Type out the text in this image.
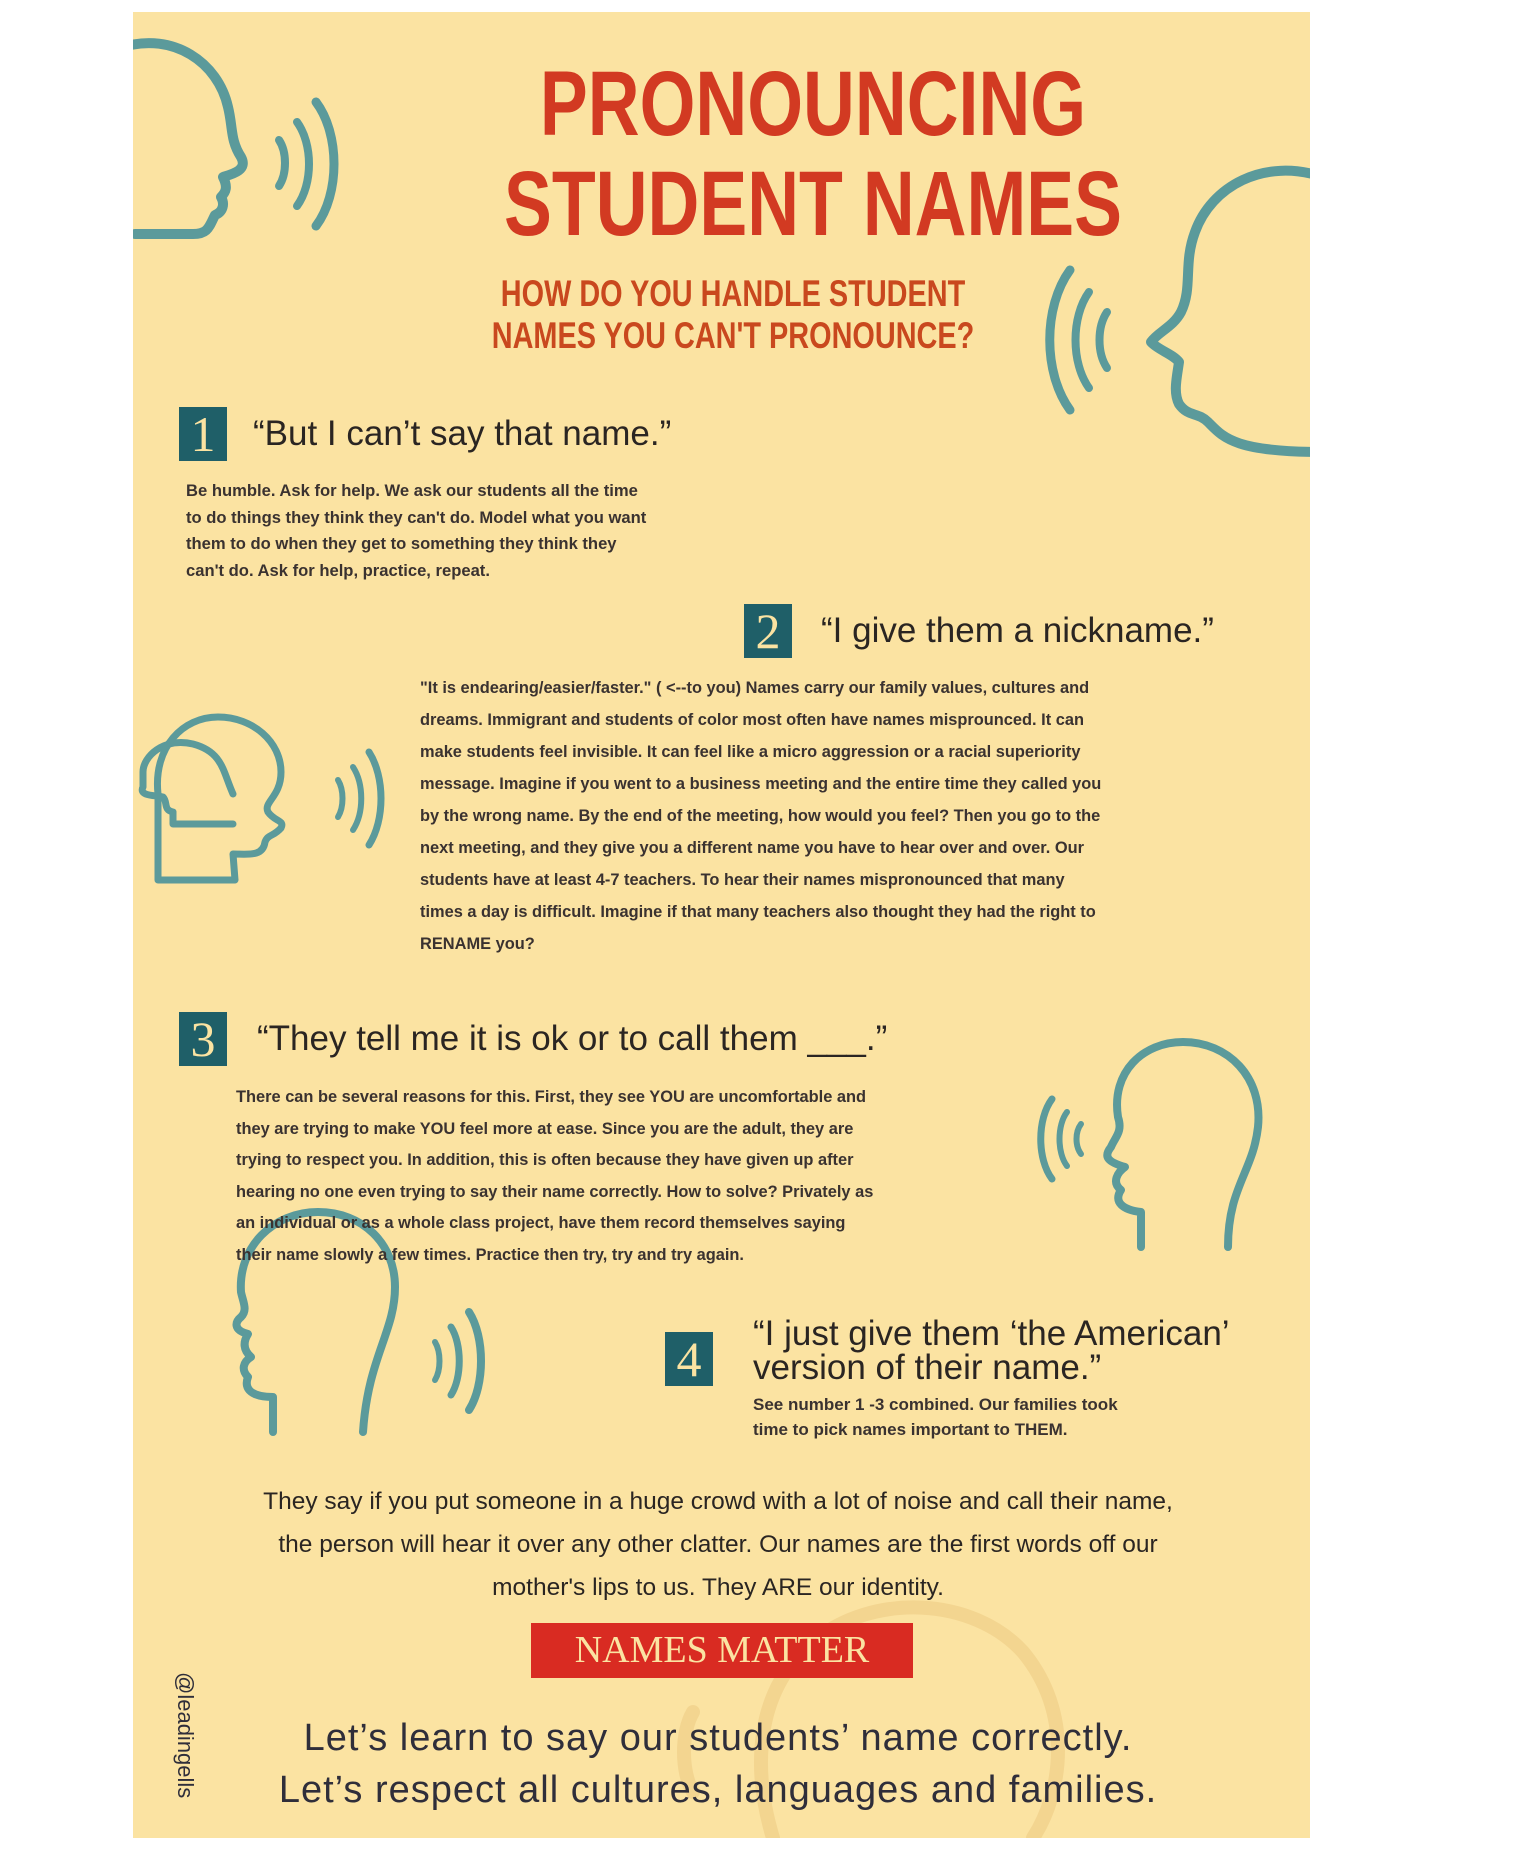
PRONOUNCING
STUDENT NAMES
HOW DO YOU HANDLE STUDENT
NAMES YOU CAN'T PRONOUNCE?
1	“But I can’t say that name.”
Be humble. Ask for help. We ask our students all the time
to do things they think they can't do. Model what you want
them to do when they get to something they think they
can't do. Ask for help, practice, repeat.
2	“I give them a nickname.”
"It is endearing/easier/faster." ( <--to you) Names carry our family values, cultures and
dreams. Immigrant and students of color most often have names misprounced. It can
make students feel invisible. It can feel like a micro aggression or a racial superiority
message. Imagine if you went to a business meeting and the entire time they called you
by the wrong name. By the end of the meeting, how would you feel? Then you go to the
next meeting, and they give you a different name you have to hear over and over. Our
students have at least 4-7 teachers. To hear their names mispronounced that many
times a day is difficult. Imagine if that many teachers also thought they had the right to
RENAME you?
3	“They tell me it is ok or to call them ___.”
There can be several reasons for this. First, they see YOU are uncomfortable and
they are trying to make YOU feel more at ease. Since you are the adult, they are
trying to respect you. In addition, this is often because they have given up after
hearing no one even trying to say their name correctly. How to solve? Privately as
an individual or as a whole class project, have them record themselves saying
their name slowly a few times. Practice then try, try and try again.
4	“I just give them ‘the American’
version of their name.”
See number 1 -3 combined. Our families took
time to pick names important to THEM.
They say if you put someone in a huge crowd with a lot of noise and call their name,
the person will hear it over any other clatter. Our names are the first words off our
mother's lips to us. They ARE our identity.
NAMES MATTER
Let’s learn to say our students’ name correctly.
Let’s respect all cultures, languages and families.
@leadingells
